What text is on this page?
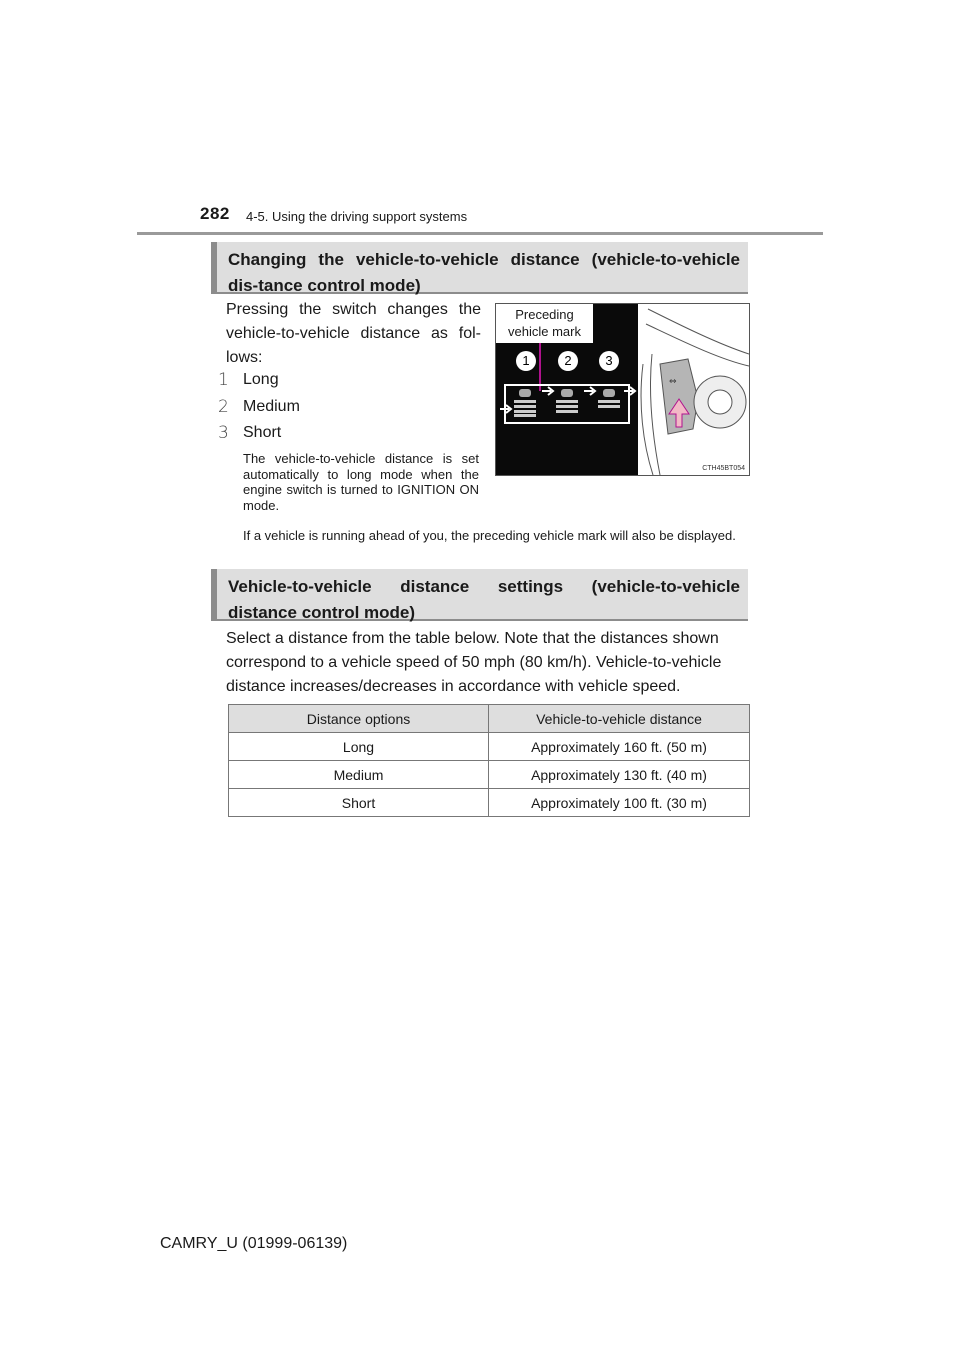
282 4-5. Using the driving support systems
Changing the vehicle-to-vehicle distance (vehicle-to-vehicle dis-tance control mode)
Pressing the switch changes the vehicle-to-vehicle distance as fol-lows:
1 Long
2 Medium
3 Short
The vehicle-to-vehicle distance is set automatically to long mode when the engine switch is turned to IGNITION ON mode.
If a vehicle is running ahead of you, the preceding vehicle mark will also be displayed.
Preceding
vehicle mark
1	2	3
⇔
CTH45BT054
Vehicle-to-vehicle distance settings (vehicle-to-vehicle distance control mode)
Select a distance from the table below. Note that the distances shown correspond to a vehicle speed of 50 mph (80 km/h). Vehicle-to-vehicle distance increases/decreases in accordance with vehicle speed.
Distance options	Vehicle-to-vehicle distance
Long	Approximately 160 ft. (50 m)
Medium	Approximately 130 ft. (40 m)
Short	Approximately 100 ft. (30 m)
CAMRY_U (01999-06139)
